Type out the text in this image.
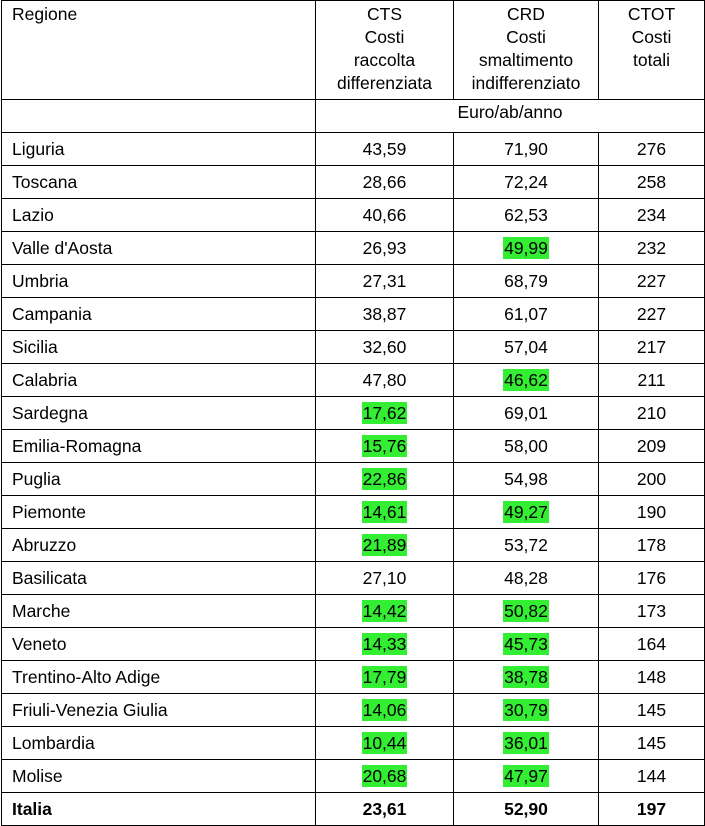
Regione	CTS
Costi
raccolta
differenziata	CRD
Costi
smaltimento
indifferenziato	CTOT
Costi
totali

	Euro/ab/anno		
Liguria	43,59	71,90	276
Toscana	28,66	72,24	258
Lazio	40,66	62,53	234
Valle d'Aosta	26,93	49,99	232
Umbria	27,31	68,79	227
Campania	38,87	61,07	227
Sicilia	32,60	57,04	217
Calabria	47,80	46,62	211
Sardegna	17,62	69,01	210
Emilia-Romagna	15,76	58,00	209
Puglia	22,86	54,98	200
Piemonte	14,61	49,27	190
Abruzzo	21,89	53,72	178
Basilicata	27,10	48,28	176
Marche	14,42	50,82	173
Veneto	14,33	45,73	164
Trentino-Alto Adige	17,79	38,78	148
Friuli-Venezia Giulia	14,06	30,79	145
Lombardia	10,44	36,01	145
Molise	20,68	47,97	144
Italia	23,61	52,90	197
